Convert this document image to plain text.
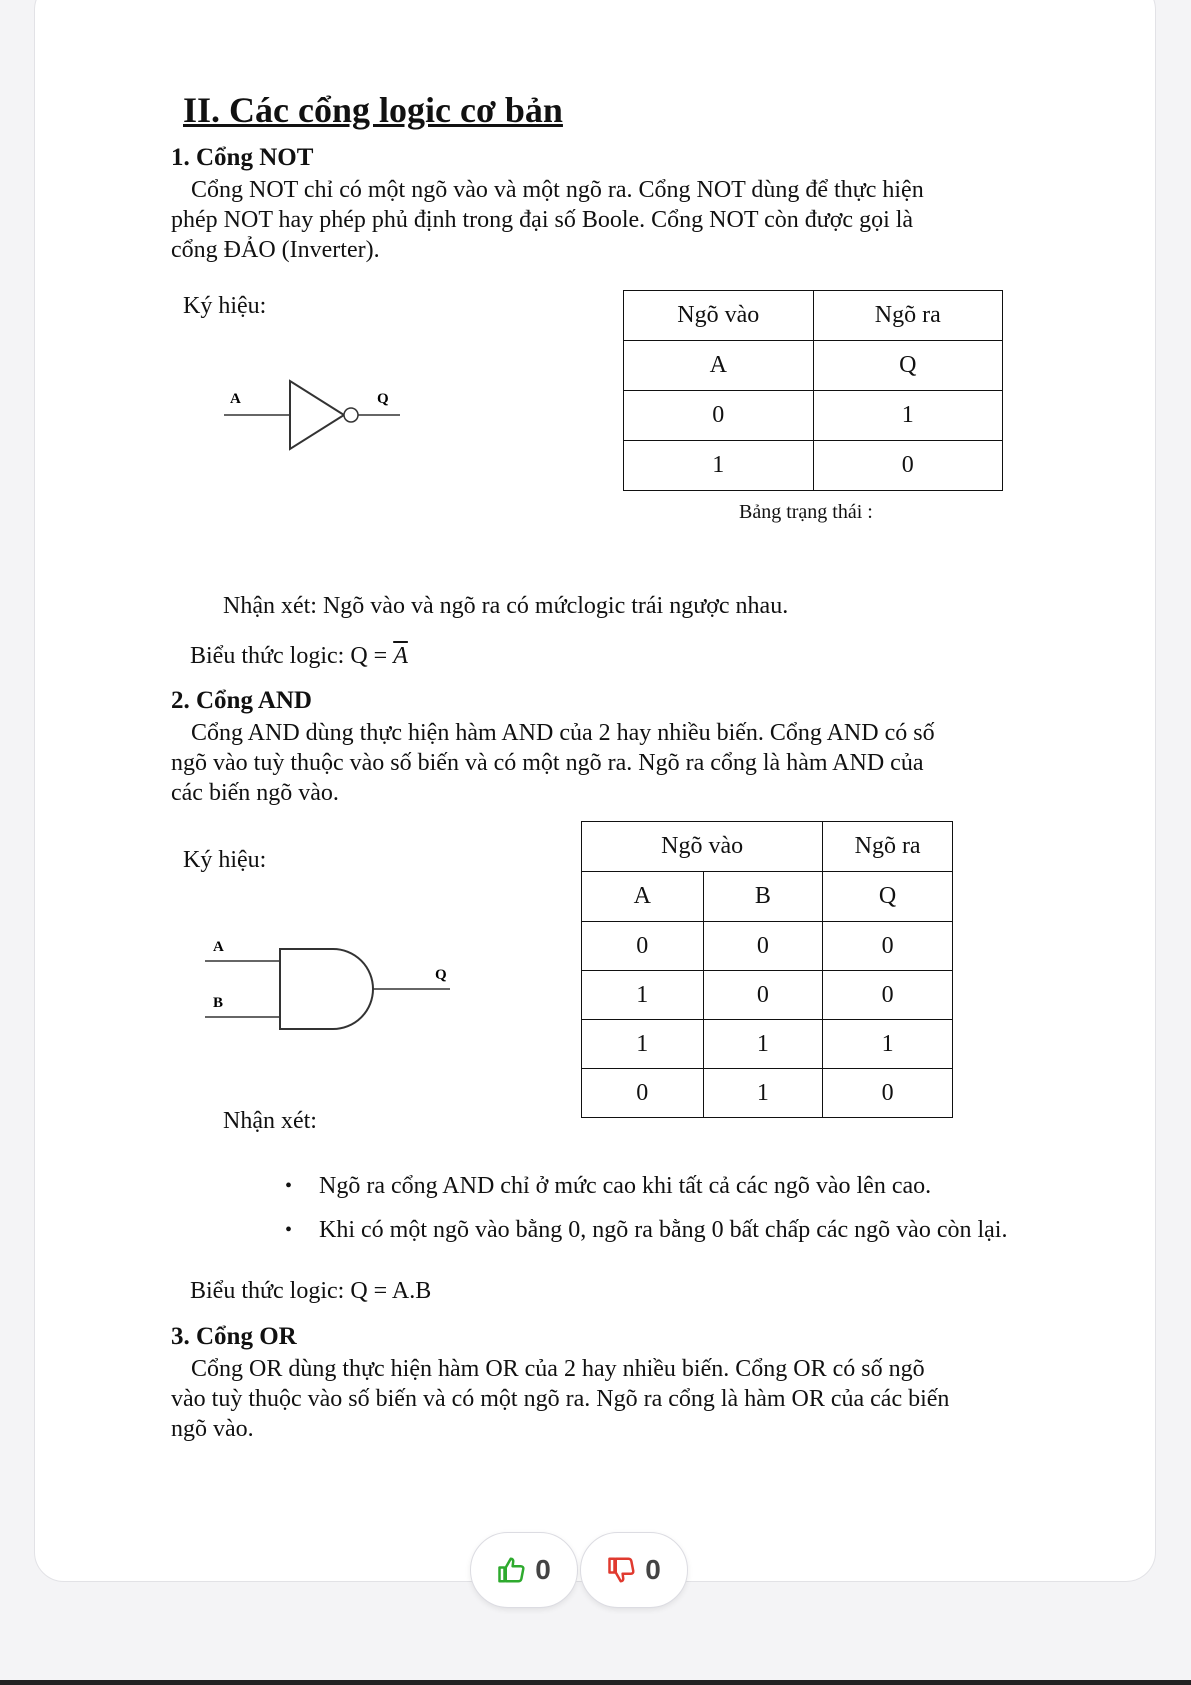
II. Các cổng logic cơ bản
1. Cổng NOT

Cổng NOT chỉ có một ngõ vào và một ngõ ra. Cổng NOT dùng để thực hiện

phép NOT hay phép phủ định trong đại số Boole. Cổng NOT còn được gọi là

cổng ĐẢO (Inverter).

Ký hiệu:
A	Q
Ngõ vào	Ngõ ra
A	Q
0	1
1	0
Bảng trạng thái :
Nhận xét: Ngõ vào và ngõ ra có mứclogic trái ngược nhau.
Biểu thức logic: $Q = \overline{A}$
2. Cổng AND

Cổng AND dùng thực hiện hàm AND của 2 hay nhiều biến. Cổng AND có số

ngõ vào tuỳ thuộc vào số biến và có một ngõ ra. Ngõ ra cổng là hàm AND của

các biến ngõ vào.

Ký hiệu:
A
B
Q
Ngõ vào		Ngõ ra
A	B	Q
0	0	0
1	0	0
1	1	1
0	1	0
Nhận xét:
• Ngõ ra cổng AND chỉ ở mức cao khi tất cả các ngõ vào lên cao.
• Khi có một ngõ vào bằng 0, ngõ ra bằng 0 bất chấp các ngõ vào còn lại.
Biểu thức logic: Q = A.B
3. Cổng OR

Cổng OR dùng thực hiện hàm OR của 2 hay nhiều biến. Cổng OR có số ngõ

vào tuỳ thuộc vào số biến và có một ngõ ra. Ngõ ra cổng là hàm OR của các biến

ngõ vào.

0	0
